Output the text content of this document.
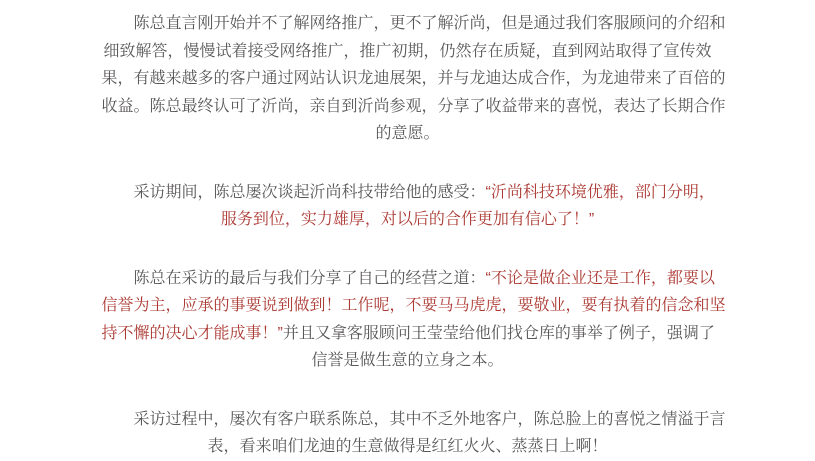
　　陈总直言刚开始并不了解网络推广，更不了解沂尚，但是通过我们客服顾问的介绍和
细致解答，慢慢试着接受网络推广，推广初期，仍然存在质疑，直到网站取得了宣传效
果，有越来越多的客户通过网站认识龙迪展架，并与龙迪达成合作，为龙迪带来了百倍的
收益。陈总最终认可了沂尚，亲自到沂尚参观，分享了收益带来的喜悦，表达了长期合作
的意愿。

　　采访期间，陈总屡次谈起沂尚科技带给他的感受：“沂尚科技环境优雅，部门分明，
服务到位，实力雄厚，对以后的合作更加有信心了！”

　　陈总在采访的最后与我们分享了自己的经营之道：“不论是做企业还是工作，都要以
信誉为主，应承的事要说到做到！工作呢，不要马马虎虎，要敬业，要有执着的信念和坚
持不懈的决心才能成事！”并且又拿客服顾问王莹莹给他们找仓库的事举了例子，强调了
信誉是做生意的立身之本。

　　采访过程中，屡次有客户联系陈总，其中不乏外地客户，陈总脸上的喜悦之情溢于言
表，看来咱们龙迪的生意做得是红红火火、蒸蒸日上啊！
